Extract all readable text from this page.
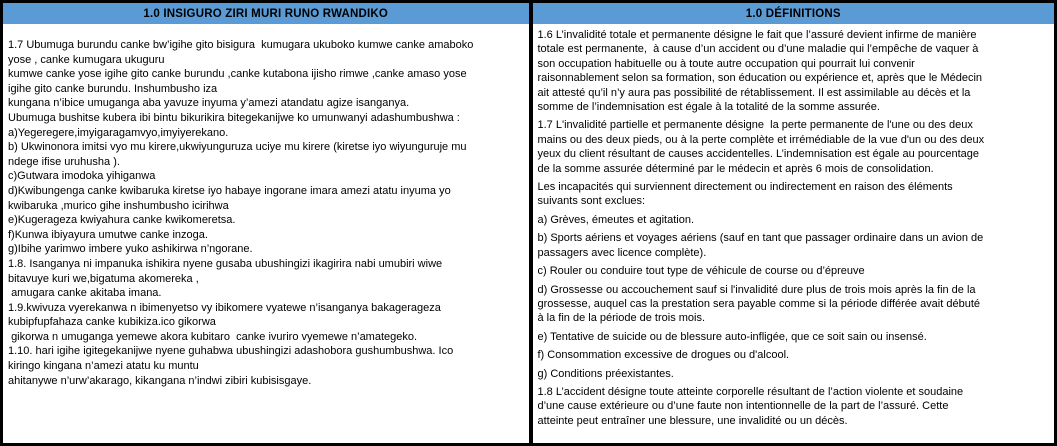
1.0 INSIGURO ZIRI MURI RUNO RWANDIKO
1.7 Ubumuga burundu canke bw’igihe gito bisigura  kumugara ukuboko kumwe canke amaboko
yose , canke kumugara ukuguru
kumwe canke yose igihe gito canke burundu ,canke kutabona ijisho rimwe ,canke amaso yose
igihe gito canke burundu. Inshumbusho iza
kungana n’ibice umuganga aba yavuze inyuma y’amezi atandatu agize isanganya.
Ubumuga bushitse kubera ibi bintu bikurikira bitegekanijwe ko umunwanyi adashumbushwa :
a)Yegeregere,imyigaragamvyo,imyiyerekano.
b) Ukwinonora imitsi vyo mu kirere,ukwiyunguruza uciye mu kirere (kiretse iyo wiyunguruje mu
ndege ifise uruhusha ).
c)Gutwara imodoka yihiganwa
d)Kwibungenga canke kwibaruka kiretse iyo habaye ingorane imara amezi atatu inyuma yo
kwibaruka ,murico gihe inshumbusho icirihwa
e)Kugerageza kwiyahura canke kwikomeretsa.
f)Kunwa ibiyayura umutwe canke inzoga.
g)Ibihe yarimwo imbere yuko ashikirwa n’ngorane.
1.8. Isanganya ni impanuka ishikira nyene gusaba ubushingizi ikagirira nabi umubiri wiwe
bitavuye kuri we,bigatuma akomereka ,
amugara canke akitaba imana.
1.9.kwivuza vyerekanwa n ibimenyetso vy ibikomere vyatewe n’isanganya bakagerageza
kubipfupfahaza canke kubikiza.ico gikorwa
gikorwa n umuganga yemewe akora kubitaro  canke ivuriro vyemewe n’amategeko.
1.10. hari igihe igitegekanijwe nyene guhabwa ubushingizi adashobora gushumbushwa. Ico
kiringo kingana n’amezi atatu ku muntu
ahitanywe n’urw’akarago, kikangana n’indwi zibiri kubisisgaye.
1.0 DÉFINITIONS
1.6 L’invalidité totale et permanente désigne le fait que l’assuré devient infirme de manière
totale est permanente,  à cause d’un accident ou d’une maladie qui l’empêche de vaquer à
son occupation habituelle ou à toute autre occupation qui pourrait lui convenir
raisonnablement selon sa formation, son éducation ou expérience et, après que le Médecin
ait attesté qu’il n’y aura pas possibilité de rétablissement. Il est assimilable au décès et la
somme de l’indemnisation est égale à la totalité de la somme assurée.
1.7 L'invalidité partielle et permanente désigne  la perte permanente de l'une ou des deux
mains ou des deux pieds, ou à la perte complète et irrémédiable de la vue d'un ou des deux
yeux du client résultant de causes accidentelles. L’indemnisation est égale au pourcentage
de la somme assurée déterminé par le médecin et après 6 mois de consolidation.
Les incapacités qui surviennent directement ou indirectement en raison des éléments
suivants sont exclues:
a) Grèves, émeutes et agitation.
b) Sports aériens et voyages aériens (sauf en tant que passager ordinaire dans un avion de
passagers avec licence complète).
c) Rouler ou conduire tout type de véhicule de course ou d’épreuve
d) Grossesse ou accouchement sauf si l'invalidité dure plus de trois mois après la fin de la
grossesse, auquel cas la prestation sera payable comme si la période différée avait débuté
à la fin de la période de trois mois.
e) Tentative de suicide ou de blessure auto-infligée, que ce soit sain ou insensé.
f) Consommation excessive de drogues ou d'alcool.
g) Conditions préexistantes.
1.8 L’accident désigne toute atteinte corporelle résultant de l’action violente et soudaine
d’une cause extérieure ou d’une faute non intentionnelle de la part de l’assuré. Cette
atteinte peut entraîner une blessure, une invalidité ou un décès.
